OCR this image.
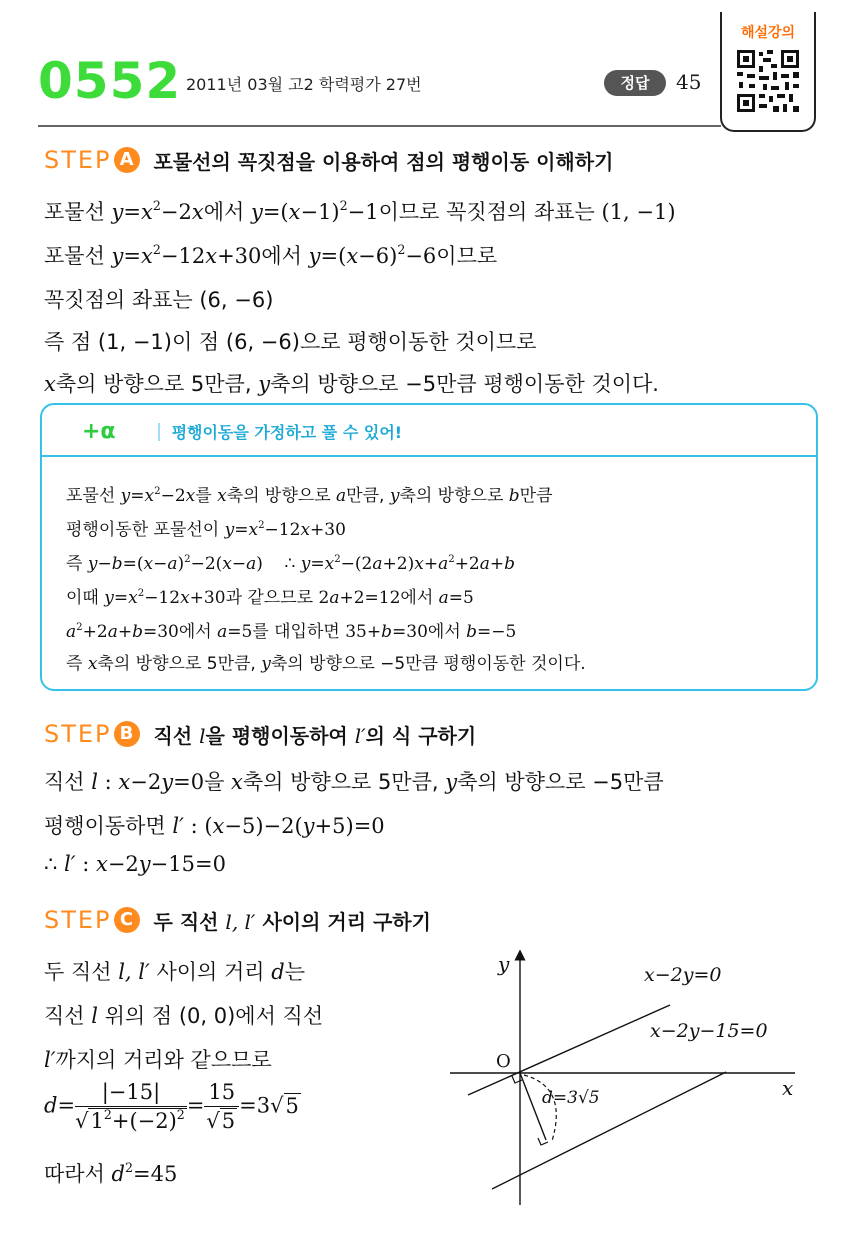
0552 2011년 03월 고2 학력평가 27번	정답	45
해설강의
STEP A	포물선의 꼭짓점을 이용하여 점의 평행이동 이해하기
포물선 $y=x^2-2x$에서 $y=(x-1)^2-1$이므로 꼭짓점의 좌표는 (1, −1)
포물선 $y=x^2-12x+30$에서 $y=(x-6)^2-6$이므로
꼭짓점의 좌표는 (6, −6)
즉 점 (1, −1)이 점 (6, −6)으로 평행이동한 것이므로
x축의 방향으로 5만큼, y축의 방향으로 −5만큼 평행이동한 것이다.
+α	평행이동을 가정하고 풀 수 있어!
포물선 $y=x^2-2x$를 x축의 방향으로 a만큼, y축의 방향으로 b만큼
평행이동한 포물선이 $y=x^2-12x+30$
즉 $y-b=(x-a)^2-2(x-a)$    ∴ $y=x^2-(2a+2)x+a^2+2a+b$
이때 $y=x^2-12x+30$과 같으므로 2a+2=12에서 a=5
$a^2+2a+b=30$에서 a=5를 대입하면 35+b=30에서 b=−5
즉 x축의 방향으로 5만큼, y축의 방향으로 −5만큼 평행이동한 것이다.
STEP B	직선 l을 평행이동하여 l′의 식 구하기
직선 l : x−2y=0을 x축의 방향으로 5만큼, y축의 방향으로 −5만큼
평행이동하면 l′ : (x−5)−2(y+5)=0
∴ l′ : x−2y−15=0
STEP C	두 직선 l, l′ 사이의 거리 구하기
두 직선 l, l′ 사이의 거리 d는
직선 l 위의 점 (0, 0)에서 직선
l′까지의 거리와 같으므로
$d= \frac{|-15|}{√1^2+(-2)^2} = \frac{15}{√5} =3√5$
따라서 $d^2=45$
y
x
O
x−2y=0
x−2y−15=0
d=3√5
